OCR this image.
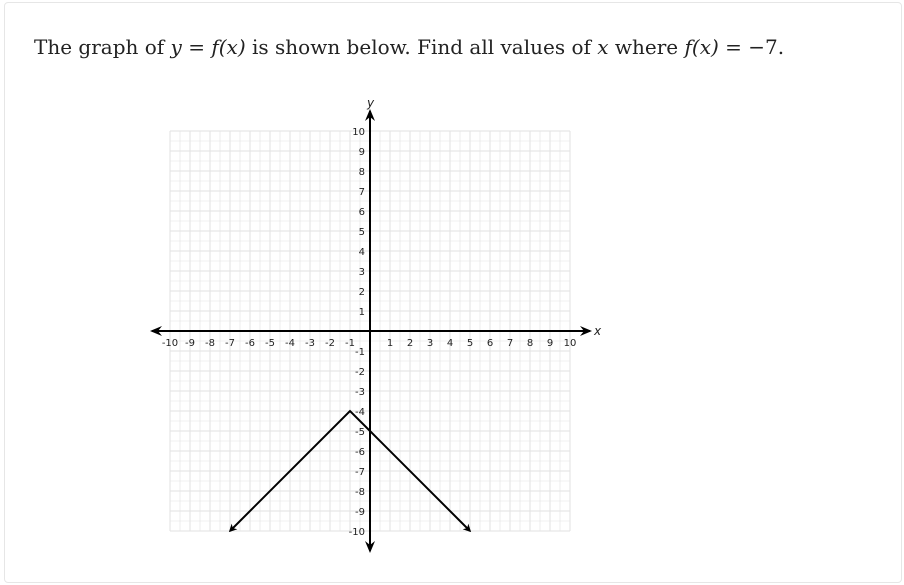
The graph of y = f(x) is shown below. Find all values of x where f(x) = −7.
-10 -9 -8 -7 -6 -5 -4 -3 -2 -1	1 2 3 4 5 6 7 8 9 10
-10
-9
-8
-7
-6
-5
-4
-3
-2
-1
1
2
3
4
5
6
7
8
9
10
x
y
